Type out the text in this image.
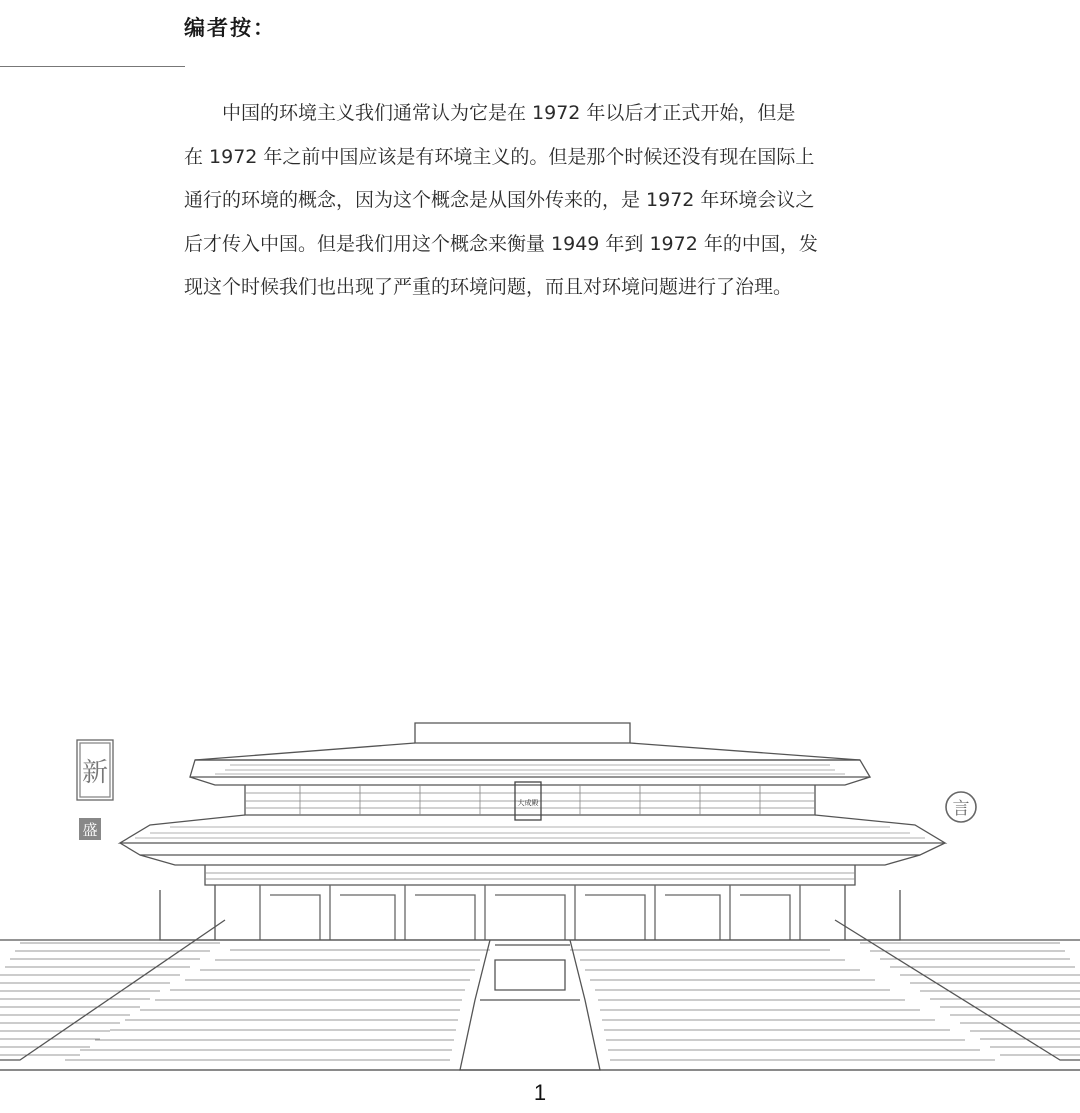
编者按：
　　中国的环境主义我们通常认为它是在 1972 年以后才正式开始，但是
在 1972 年之前中国应该是有环境主义的。但是那个时候还没有现在国际上
通行的环境的概念，因为这个概念是从国外传来的，是 1972 年环境会议之
后才传入中国。但是我们用这个概念来衡量 1949 年到 1972 年的中国，发
现这个时候我们也出现了严重的环境问题，而且对环境问题进行了治理。
新
盛
言
大成殿
1
